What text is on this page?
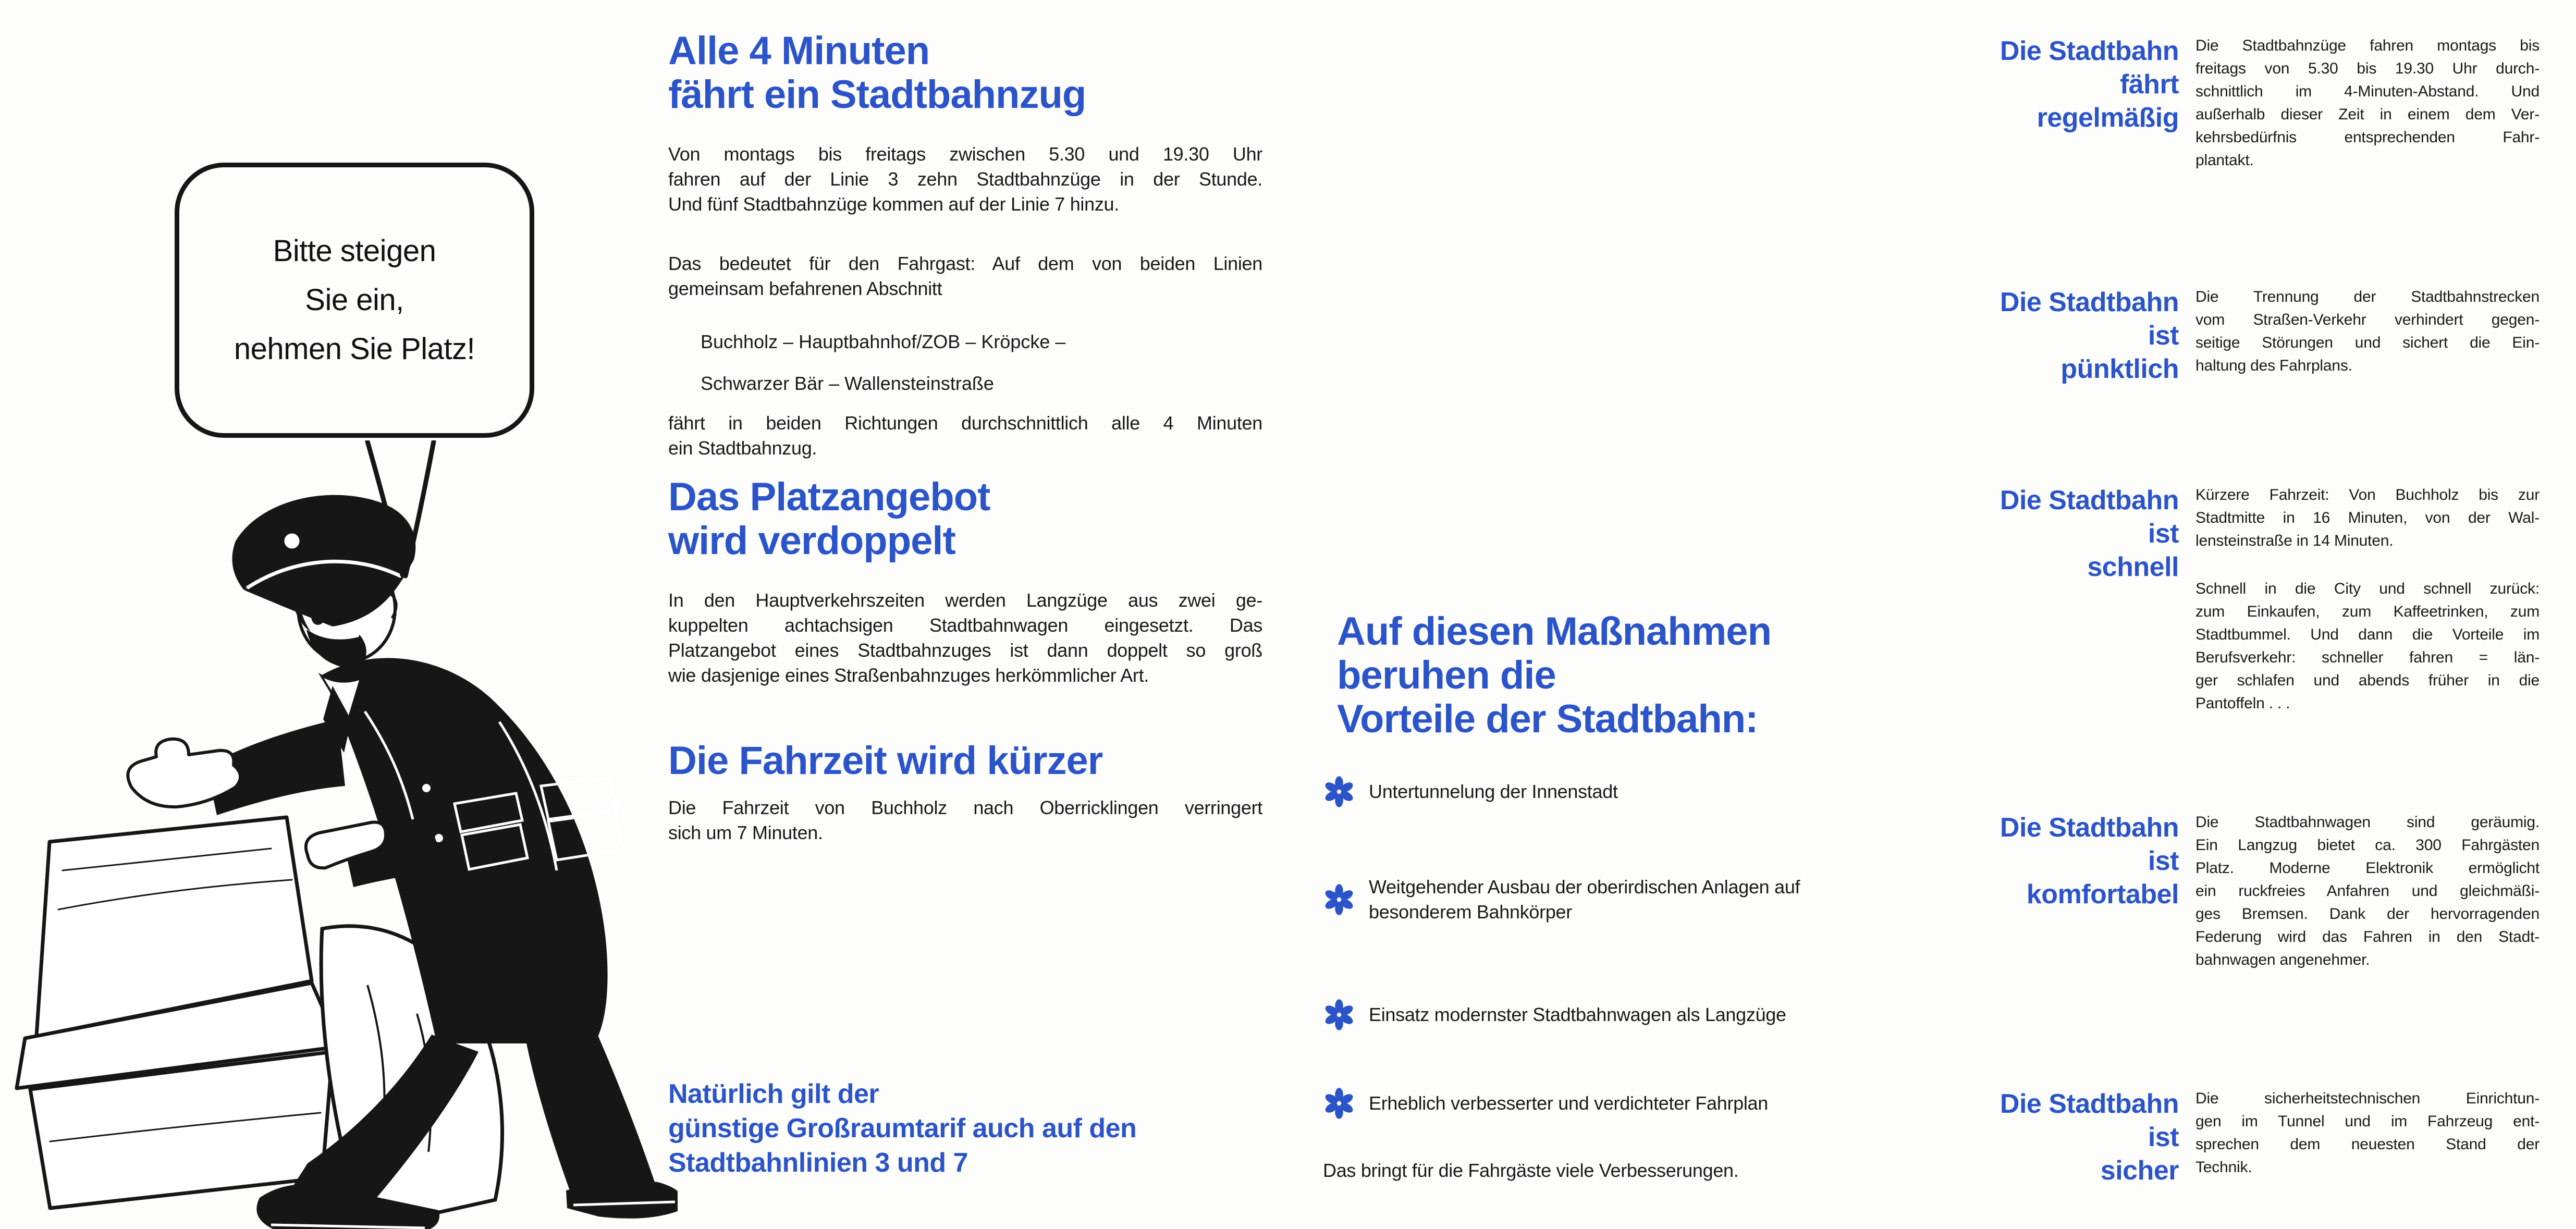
Bitte steigen
Sie ein,
nehmen Sie Platz!
Alle 4 Minuten
fährt ein Stadtbahnzug
Von montags bis freitags zwischen 5.30 und 19.30 Uhr
fahren auf der Linie 3 zehn Stadtbahnzüge in der Stunde.
Und fünf Stadtbahnzüge kommen auf der Linie 7 hinzu.
Das bedeutet für den Fahrgast: Auf dem von beiden Linien
gemeinsam befahrenen Abschnitt
Buchholz – Hauptbahnhof/ZOB – Kröpcke –
Schwarzer Bär – Wallensteinstraße
fährt in beiden Richtungen durchschnittlich alle 4 Minuten
ein Stadtbahnzug.
Das Platzangebot
wird verdoppelt
In den Hauptverkehrszeiten werden Langzüge aus zwei ge-
kuppelten achtachsigen Stadtbahnwagen eingesetzt. Das
Platzangebot eines Stadtbahnzuges ist dann doppelt so groß
wie dasjenige eines Straßenbahnzuges herkömmlicher Art.
Die Fahrzeit wird kürzer
Die Fahrzeit von Buchholz nach Oberricklingen verringert
sich um 7 Minuten.
Natürlich gilt der
günstige Großraumtarif auch auf den
Stadtbahnlinien 3 und 7
Auf diesen Maßnahmen
beruhen die
Vorteile der Stadtbahn:
Untertunnelung der Innenstadt
Weitgehender Ausbau der oberirdischen Anlagen auf
besonderem Bahnkörper
Einsatz modernster Stadtbahnwagen als Langzüge
Erheblich verbesserter und verdichteter Fahrplan
Das bringt für die Fahrgäste viele Verbesserungen.
Die Stadtbahn
fährt
regelmäßig
Die Stadtbahnzüge fahren montags bis
freitags von 5.30 bis 19.30 Uhr durch-
schnittlich im 4-Minuten-Abstand. Und
außerhalb dieser Zeit in einem dem Ver-
kehrsbedürfnis entsprechenden Fahr-
plantakt.
Die Stadtbahn
ist
pünktlich
Die Trennung der Stadtbahnstrecken
vom Straßen-Verkehr verhindert gegen-
seitige Störungen und sichert die Ein-
haltung des Fahrplans.
Die Stadtbahn
ist
schnell
Kürzere Fahrzeit: Von Buchholz bis zur
Stadtmitte in 16 Minuten, von der Wal-
lensteinstraße in 14 Minuten.
Schnell in die City und schnell zurück:
zum Einkaufen, zum Kaffeetrinken, zum
Stadtbummel. Und dann die Vorteile im
Berufsverkehr: schneller fahren = län-
ger schlafen und abends früher in die
Pantoffeln . . .
Die Stadtbahn
ist
komfortabel
Die Stadtbahnwagen sind geräumig.
Ein Langzug bietet ca. 300 Fahrgästen
Platz. Moderne Elektronik ermöglicht
ein ruckfreies Anfahren und gleichmäßi-
ges Bremsen. Dank der hervorragenden
Federung wird das Fahren in den Stadt-
bahnwagen angenehmer.
Die Stadtbahn
ist
sicher
Die sicherheitstechnischen Einrichtun-
gen im Tunnel und im Fahrzeug ent-
sprechen dem neuesten Stand der
Technik.
